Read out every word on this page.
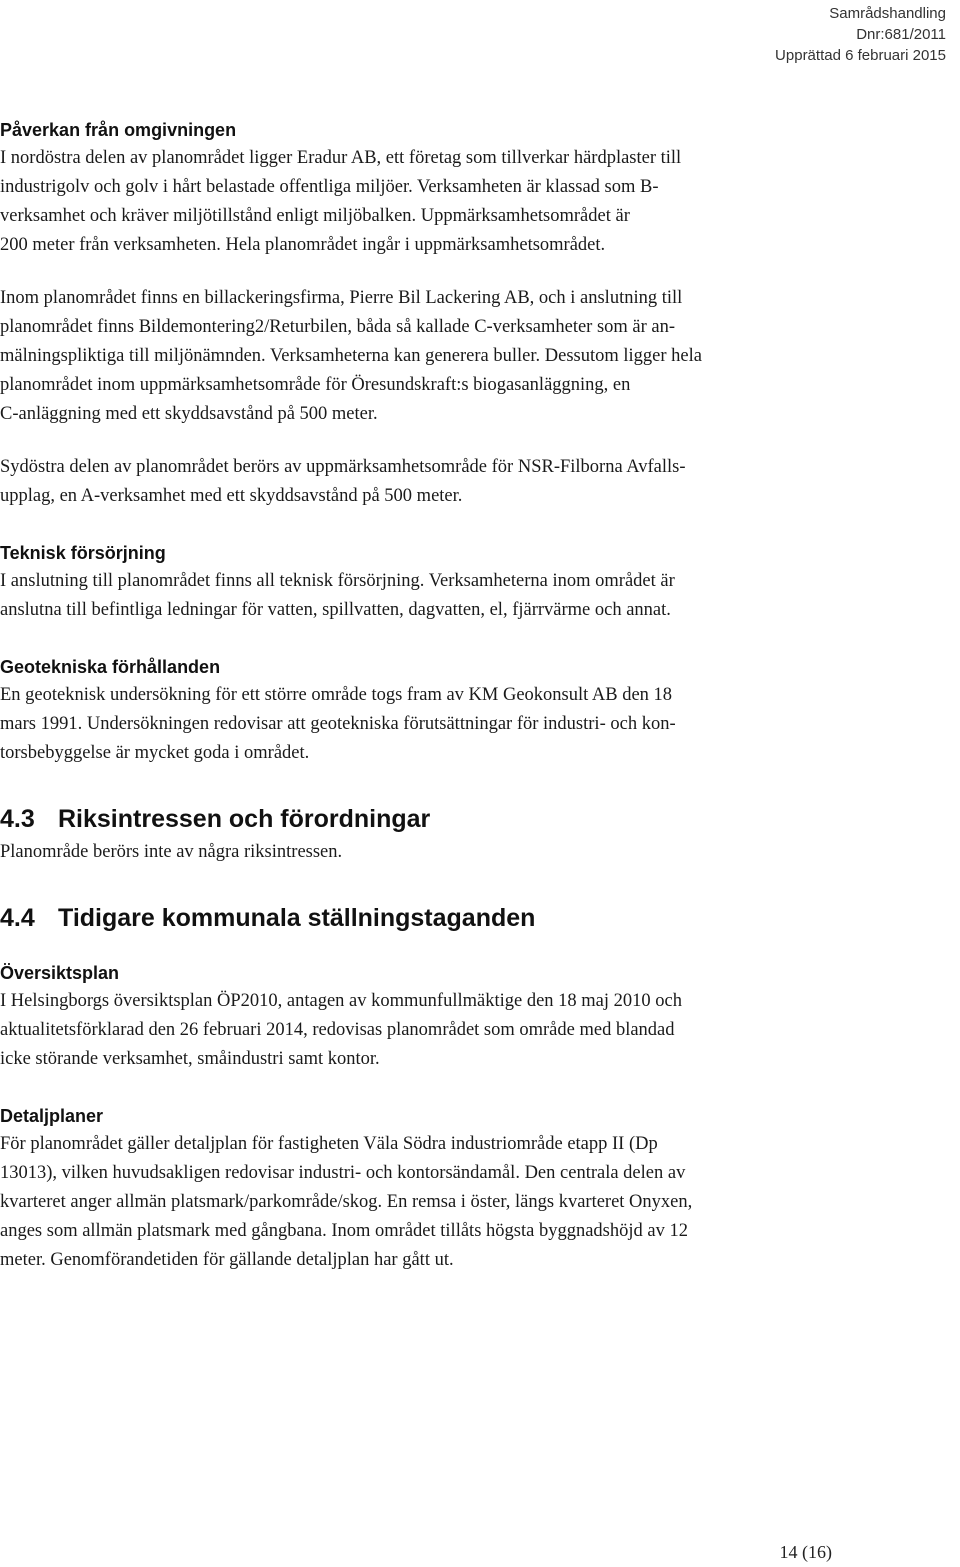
Samrådshandling
Dnr:681/2011
Upprättad 6 februari 2015
Påverkan från omgivningen

I nordöstra delen av planområdet ligger Eradur AB, ett företag som tillverkar härdplaster till
industrigolv och golv i hårt belastade offentliga miljöer. Verksamheten är klassad som B-
verksamhet och kräver miljötillstånd enligt miljöbalken. Uppmärksamhetsområdet är
200 meter från verksamheten. Hela planområdet ingår i uppmärksamhetsområdet.

Inom planområdet finns en billackeringsfirma, Pierre Bil Lackering AB, och i anslutning till
planområdet finns Bildemontering2/Returbilen, båda så kallade C-verksamheter som är an-
mälningspliktiga till miljönämnden. Verksamheterna kan generera buller. Dessutom ligger hela
planområdet inom uppmärksamhetsområde för Öresundskraft:s biogasanläggning, en
C-anläggning med ett skyddsavstånd på 500 meter.

Sydöstra delen av planområdet berörs av uppmärksamhetsområde för NSR-Filborna Avfalls-
upplag, en A-verksamhet med ett skyddsavstånd på 500 meter.

Teknisk försörjning

I anslutning till planområdet finns all teknisk försörjning. Verksamheterna inom området är
anslutna till befintliga ledningar för vatten, spillvatten, dagvatten, el, fjärrvärme och annat.

Geotekniska förhållanden

En geoteknisk undersökning för ett större område togs fram av KM Geokonsult AB den 18
mars 1991. Undersökningen redovisar att geotekniska förutsättningar för industri- och kon-
torsbebyggelse är mycket goda i området.

4.3 Riksintressen och förordningar

Planområde berörs inte av några riksintressen.

4.4 Tidigare kommunala ställningstaganden
Översiktsplan

I Helsingborgs översiktsplan ÖP2010, antagen av kommunfullmäktige den 18 maj 2010 och
aktualitetsförklarad den 26 februari 2014, redovisas planområdet som område med blandad
icke störande verksamhet, småindustri samt kontor.

Detaljplaner

För planområdet gäller detaljplan för fastigheten Väla Södra industriområde etapp II (Dp
13013), vilken huvudsakligen redovisar industri- och kontorsändamål. Den centrala delen av
kvarteret anger allmän platsmark/parkområde/skog. En remsa i öster, längs kvarteret Onyxen,
anges som allmän platsmark med gångbana. Inom området tillåts högsta byggnadshöjd av 12
meter. Genomförandetiden för gällande detaljplan har gått ut.

14 (16)
